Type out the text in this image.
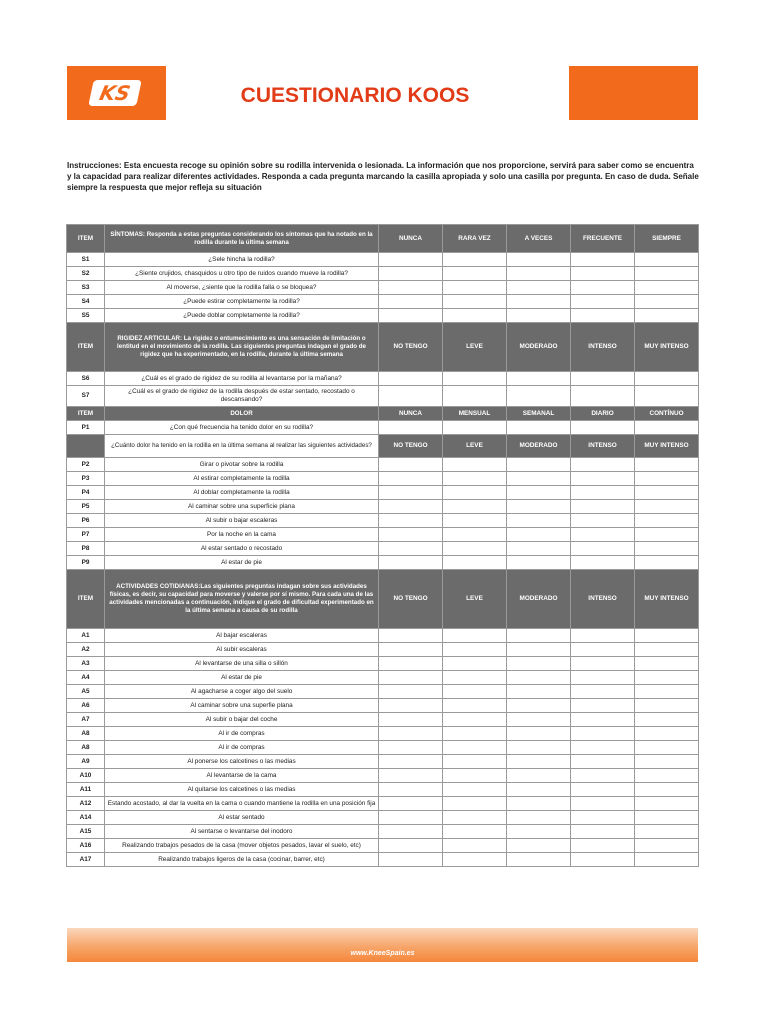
KS	CUESTIONARIO KOOS
Instrucciones: Esta encuesta recoge su opinión sobre su rodilla intervenida o lesionada. La información que nos proporcione, servirá para saber como se encuentra y la capacidad para realizar diferentes actividades. Responda a cada pregunta marcando la casilla apropiada y solo una casilla por pregunta. En caso de duda. Señale siempre la respuesta que mejor refleja su situación
ITEM	SÍNTOMAS: Responda a estas preguntas considerando los síntomas que ha notado en la rodilla durante la última semana	NUNCA	RARA VEZ	A VECES	FRECUENTE	SIEMPRE
S1	¿Sele hincha la rodilla?					
S2	¿Siente crujidos, chasquidos u otro tipo de ruidos cuando mueve la rodilla?					
S3	Al moverse, ¿siente que la rodilla falla o se bloquea?					
S4	¿Puede estirar completamente la rodilla?					
S5	¿Puede doblar completamente la rodilla?					
ITEM	RIGIDEZ ARTICULAR: La rigidez o entumecimiento es una sensación de limitación o lentitud en el movimiento de la rodilla. Las siguientes preguntas indagan el grado de rigidez que ha experimentado, en la rodilla, durante la última semana	NO TENGO	LEVE	MODERADO	INTENSO	MUY INTENSO
S6	¿Cuál es el grado de rigidez de su rodilla al levantarse por la mañana?					
S7	¿Cuál es el grado de rigidez de la rodilla después de estar sentado, recostado o descansando?					
ITEM	DOLOR	NUNCA	MENSUAL	SEMANAL	DIARIO	CONTÍNUO
P1	¿Con qué frecuencia ha tenido dolor en su rodilla?					
	¿Cuánto dolor ha tenido en la rodilla en la última semana al realizar las siguientes actividades?	NO TENGO	LEVE	MODERADO	INTENSO	MUY INTENSO
P2	Girar o pivotar sobre la rodilla					
P3	Al estirar completamente la rodilla					
P4	Al doblar completamente la rodilla					
P5	Al caminar sobre una superficie plana					
P6	Al subir o bajar escaleras					
P7	Por la noche en la cama					
P8	Al estar sentado o recostado					
P9	Al estar de pie					
ITEM	ACTIVIDADES COTIDIANAS:Las siguientes preguntas indagan sobre sus actividades físicas, es decir, su capacidad para moverse y valerse por sí mismo. Para cada una de las actividades mencionadas a continuación, indique el grado de dificultad experimentado en la última semana a causa de su rodilla	NO TENGO	LEVE	MODERADO	INTENSO	MUY INTENSO
A1	Al bajar escaleras					
A2	Al subir escaleras					
A3	Al levantarse de una silla o sillón					
A4	Al estar de pie					
A5	Al agacharse a coger algo del suelo					
A6	Al caminar sobre una superfie plana					
A7	Al subir o bajar del coche					
A8	Al ir de compras					
A8	Al ir de compras					
A9	Al ponerse los calcetines o las medias					
A10	Al levantarse de la cama					
A11	Al quitarse los calcetines o las medias					
A12	Estando acostado, al dar la vuelta en la cama o cuando mantiene la rodilla en una posición fija					
A14	Al estar sentado					
A15	Al sentarse o levantarse del inodoro					
A16	Realizando trabajos pesados de la casa (mover objetos pesados, lavar el suelo, etc)					
A17	Realizando trabajos ligeros de la casa (cocinar, barrer, etc)					
www.KneeSpain.es
